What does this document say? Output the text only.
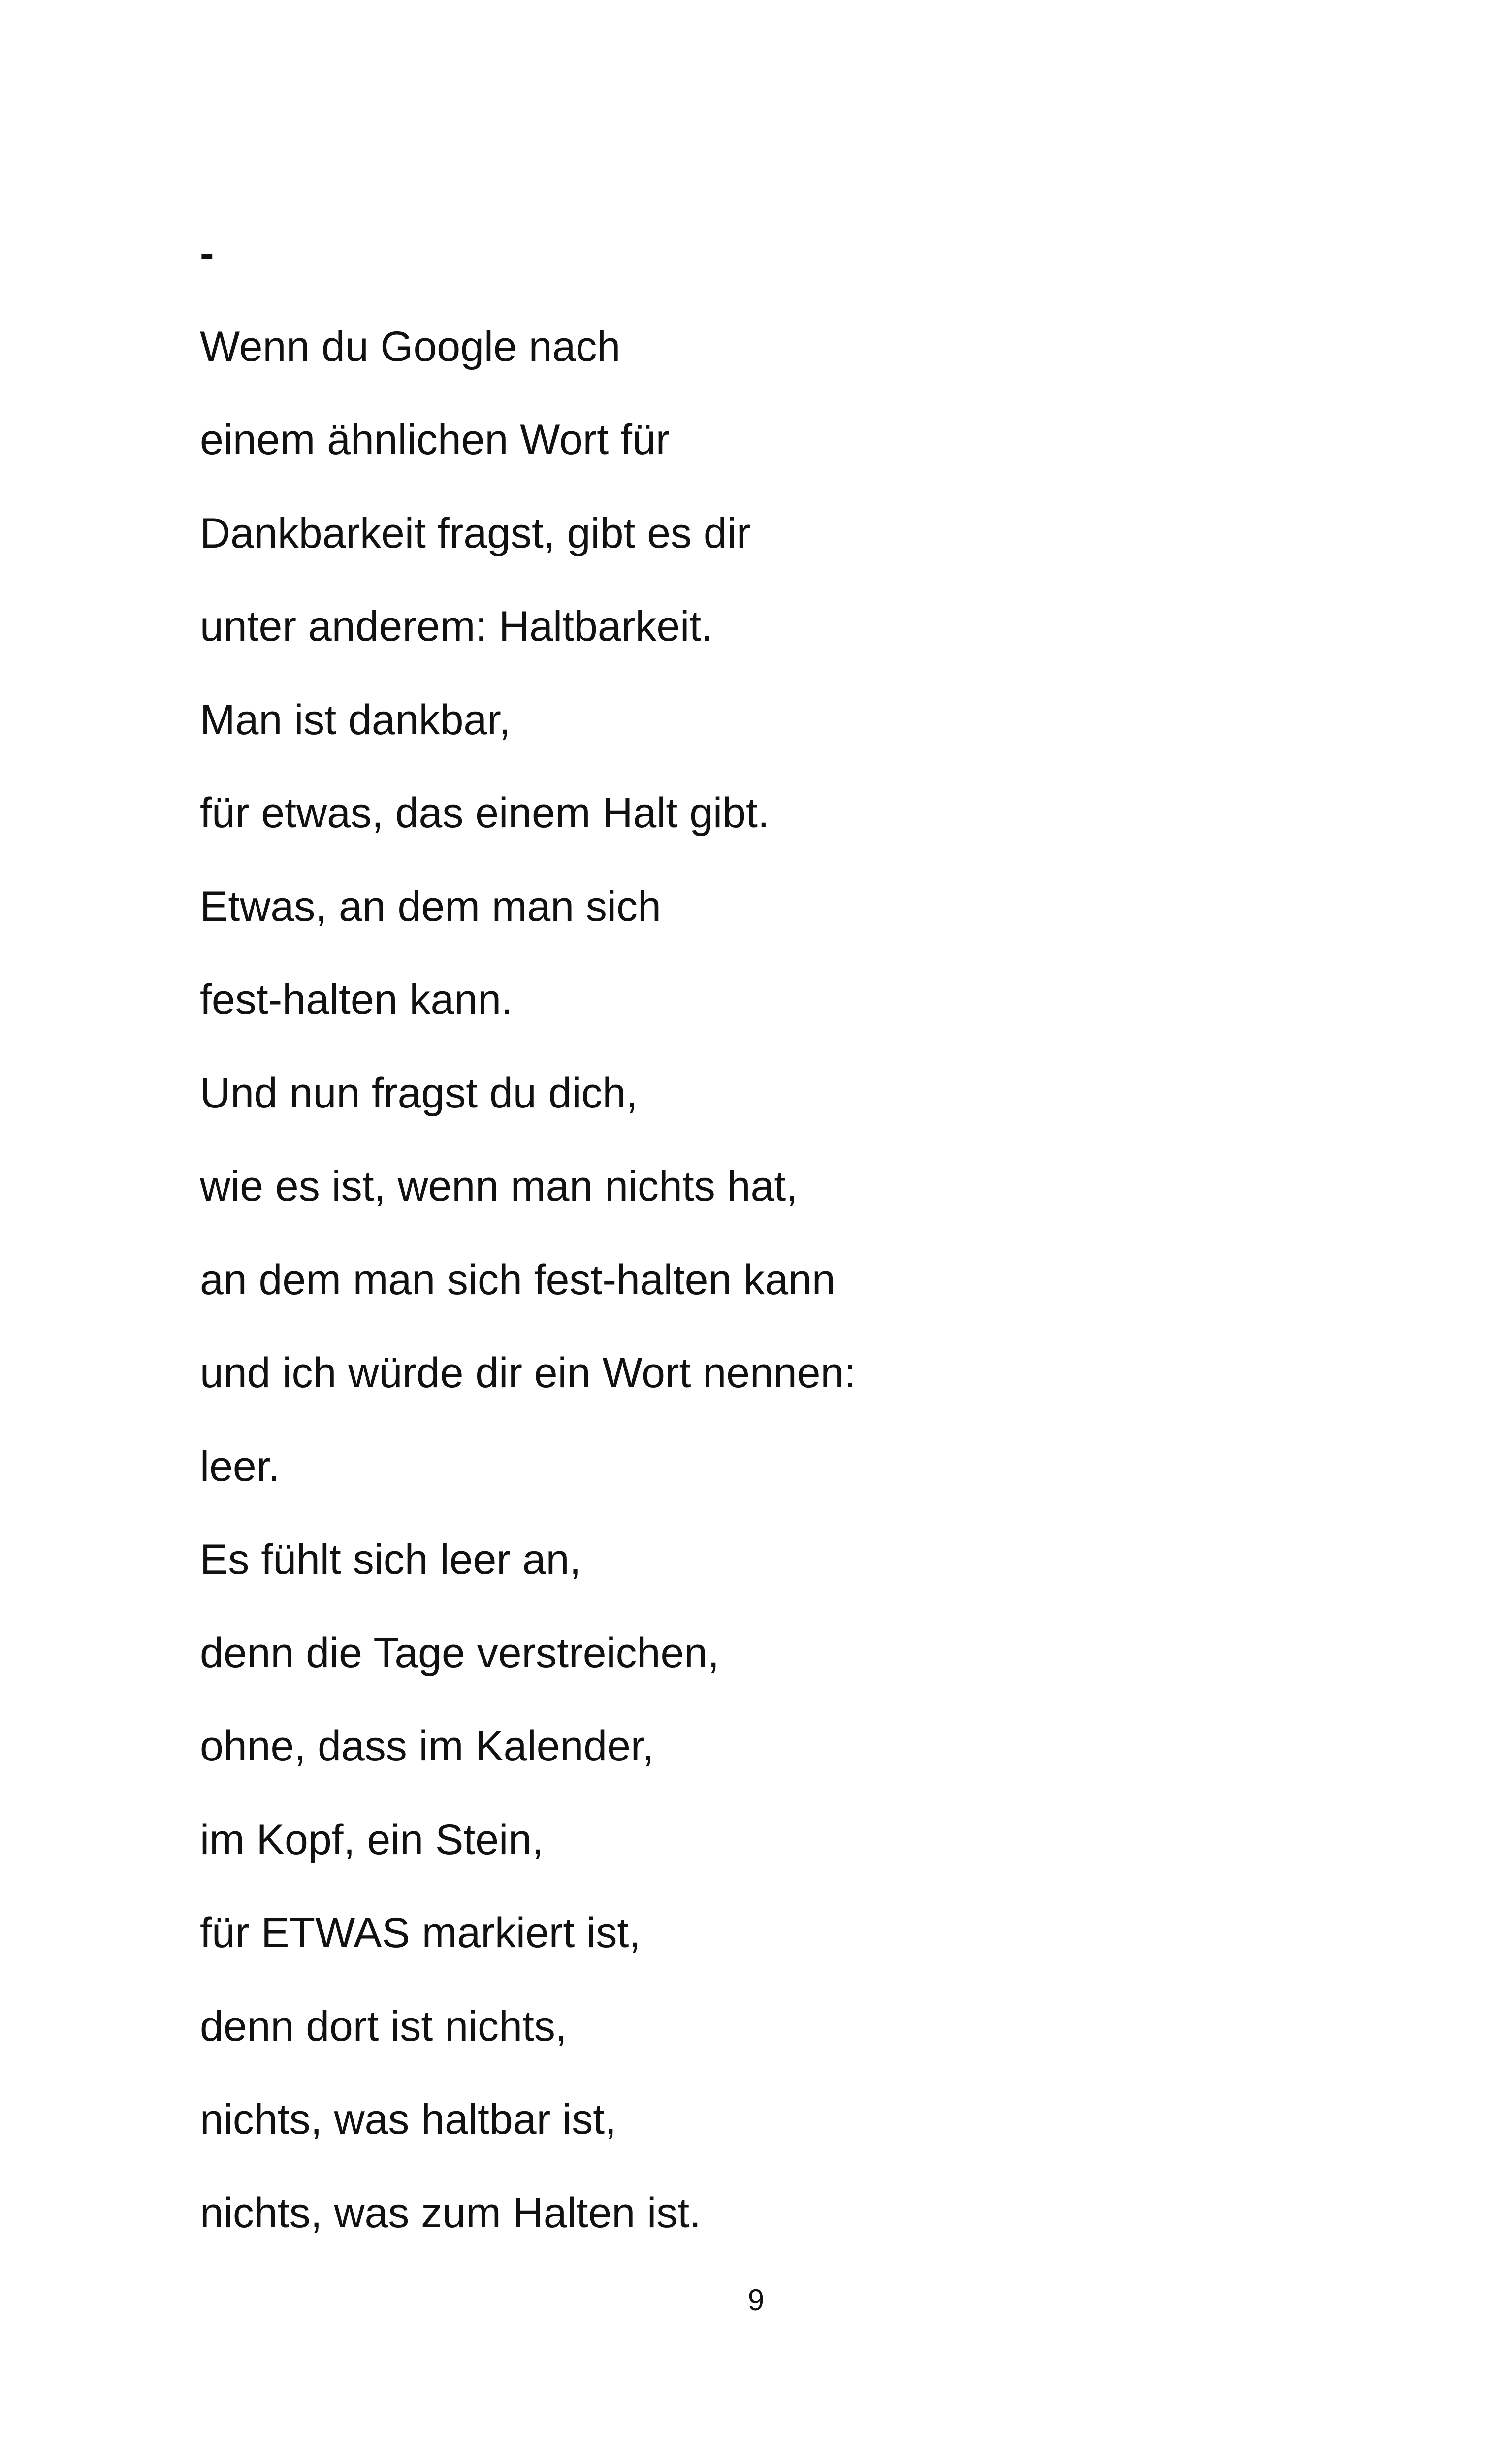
-
Wenn du Google nach
einem ähnlichen Wort für
Dankbarkeit fragst, gibt es dir
unter anderem: Haltbarkeit.
Man ist dankbar,
für etwas, das einem Halt gibt.
Etwas, an dem man sich
fest-halten kann.
Und nun fragst du dich,
wie es ist, wenn man nichts hat,
an dem man sich fest-halten kann
und ich würde dir ein Wort nennen:
leer.
Es fühlt sich leer an,
denn die Tage verstreichen,
ohne, dass im Kalender,
im Kopf, ein Stein,
für ETWAS markiert ist,
denn dort ist nichts,
nichts, was haltbar ist,
nichts, was zum Halten ist.
9
